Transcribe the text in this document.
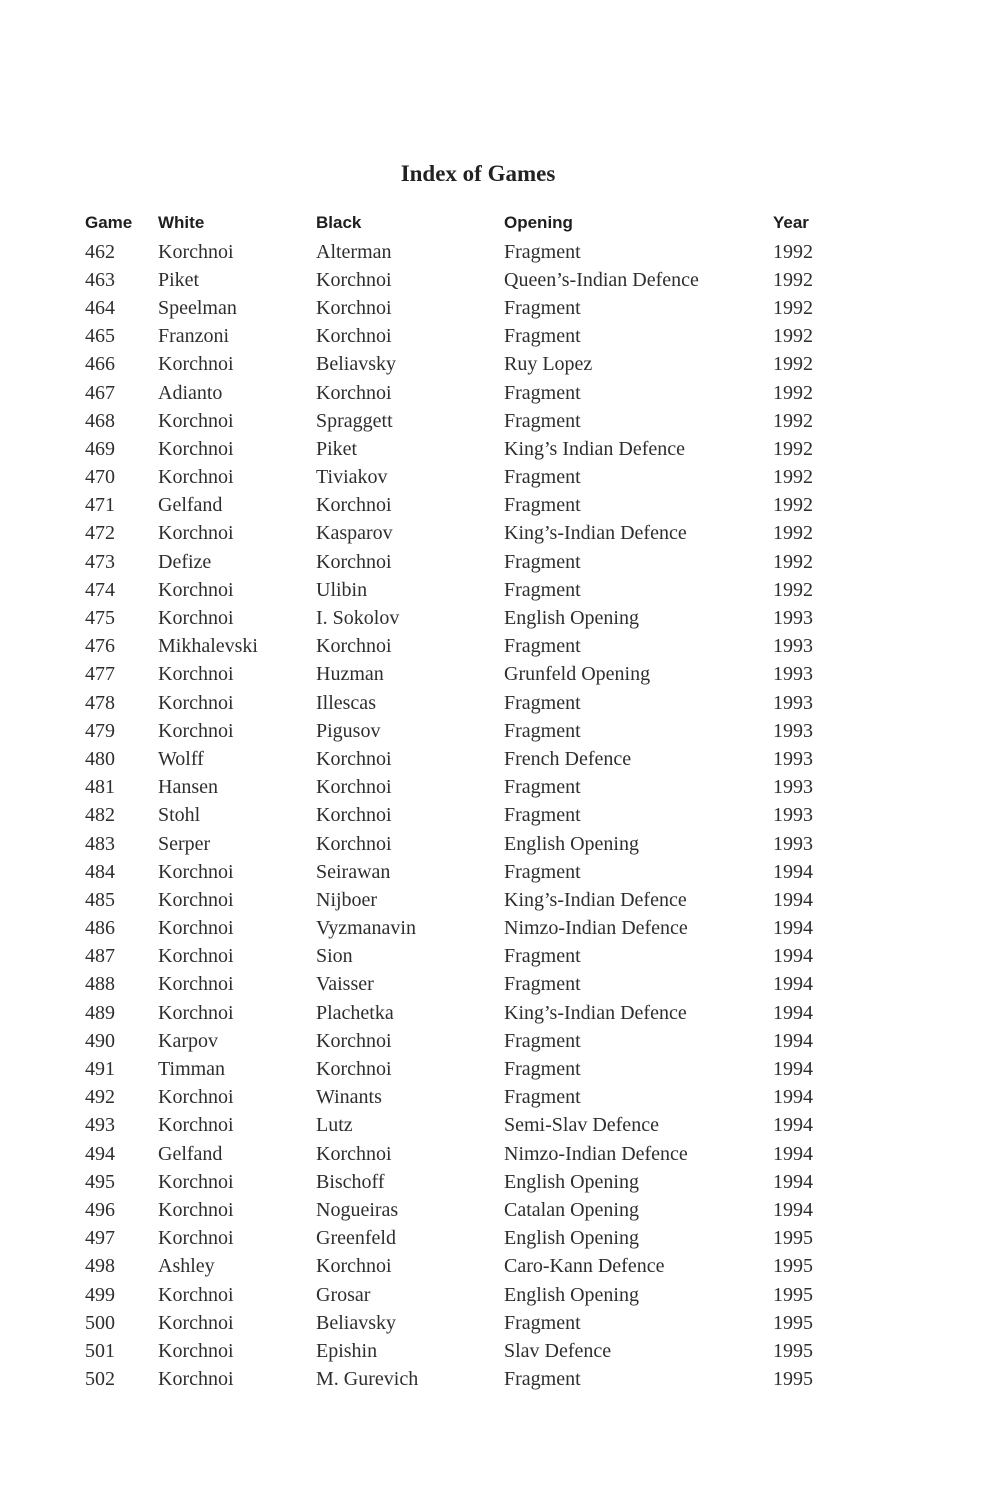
Index of Games
Game	White	Black	Opening	Year
462	Korchnoi	Alterman	Fragment	1992
463	Piket	Korchnoi	Queen’s-Indian Defence	1992
464	Speelman	Korchnoi	Fragment	1992
465	Franzoni	Korchnoi	Fragment	1992
466	Korchnoi	Beliavsky	Ruy Lopez	1992
467	Adianto	Korchnoi	Fragment	1992
468	Korchnoi	Spraggett	Fragment	1992
469	Korchnoi	Piket	King’s Indian Defence	1992
470	Korchnoi	Tiviakov	Fragment	1992
471	Gelfand	Korchnoi	Fragment	1992
472	Korchnoi	Kasparov	King’s-Indian Defence	1992
473	Defize	Korchnoi	Fragment	1992
474	Korchnoi	Ulibin	Fragment	1992
475	Korchnoi	I. Sokolov	English Opening	1993
476	Mikhalevski	Korchnoi	Fragment	1993
477	Korchnoi	Huzman	Grunfeld Opening	1993
478	Korchnoi	Illescas	Fragment	1993
479	Korchnoi	Pigusov	Fragment	1993
480	Wolff	Korchnoi	French Defence	1993
481	Hansen	Korchnoi	Fragment	1993
482	Stohl	Korchnoi	Fragment	1993
483	Serper	Korchnoi	English Opening	1993
484	Korchnoi	Seirawan	Fragment	1994
485	Korchnoi	Nijboer	King’s-Indian Defence	1994
486	Korchnoi	Vyzmanavin	Nimzo-Indian Defence	1994
487	Korchnoi	Sion	Fragment	1994
488	Korchnoi	Vaisser	Fragment	1994
489	Korchnoi	Plachetka	King’s-Indian Defence	1994
490	Karpov	Korchnoi	Fragment	1994
491	Timman	Korchnoi	Fragment	1994
492	Korchnoi	Winants	Fragment	1994
493	Korchnoi	Lutz	Semi-Slav Defence	1994
494	Gelfand	Korchnoi	Nimzo-Indian Defence	1994
495	Korchnoi	Bischoff	English Opening	1994
496	Korchnoi	Nogueiras	Catalan Opening	1994
497	Korchnoi	Greenfeld	English Opening	1995
498	Ashley	Korchnoi	Caro-Kann Defence	1995
499	Korchnoi	Grosar	English Opening	1995
500	Korchnoi	Beliavsky	Fragment	1995
501	Korchnoi	Epishin	Slav Defence	1995
502	Korchnoi	M. Gurevich	Fragment	1995
